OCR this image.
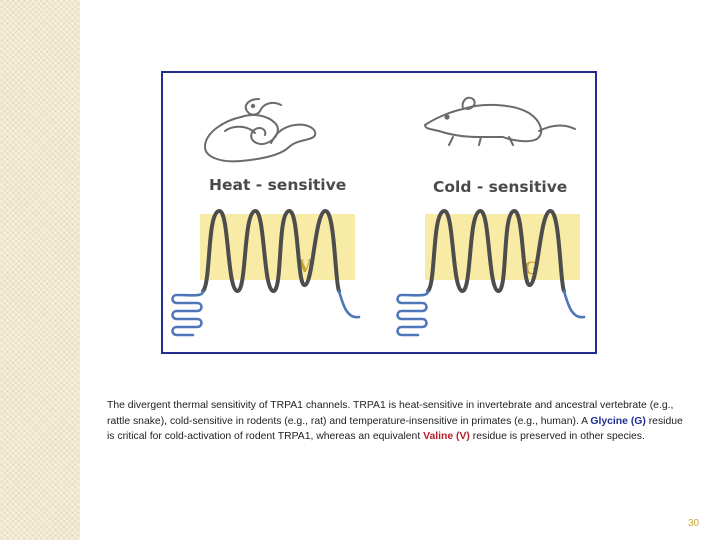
Heat - sensitive	Cold - sensitive
V	G

The divergent thermal sensitivity of TRPA1 channels. TRPA1 is heat-sensitive in invertebrate and ancestral vertebrate (e.g., rattle snake), cold-sensitive in rodents (e.g., rat) and temperature-insensitive in primates (e.g., human). A Glycine (G) residue is critical for cold-activation of rodent TRPA1, whereas an equivalent Valine (V) residue is preserved in other species.

30
